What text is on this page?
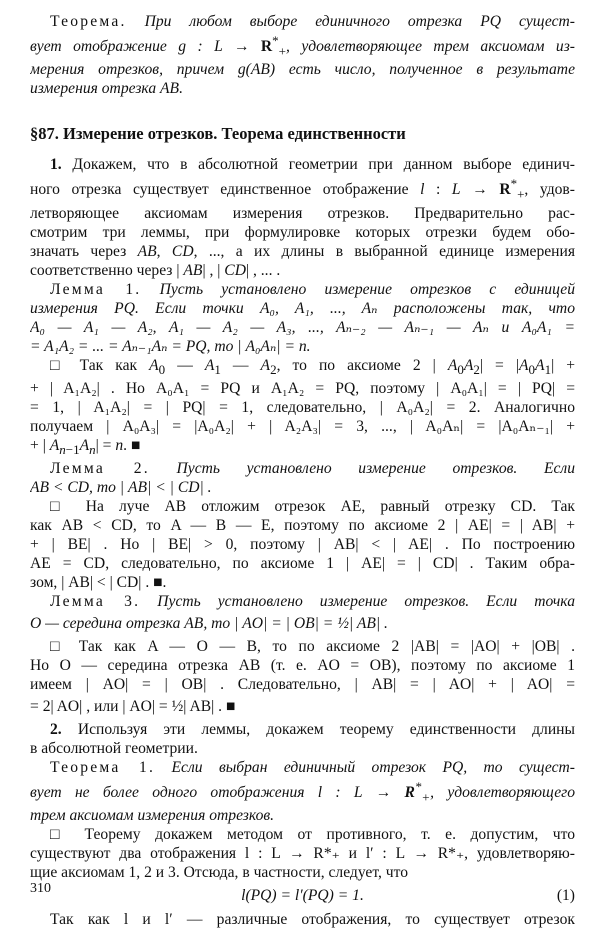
Теорема. При любом выборе единичного отрезка PQ сущест-

вует отображение g : $L \to R^*_+$, удовлетворяющее трем аксиомам из-

мерения отрезков, причем g(AB) есть число, полученное в результате

измерения отрезка AB.

§87. Измерение отрезков. Теорема единственности

1. Докажем, что в абсолютной геометрии при данном выборе единич-

ного отрезка существует единственное отображение l : $L \to R^*_+$, удов-

летворяющее аксиомам измерения отрезков. Предварительно рас-

смотрим три леммы, при формулировке которых отрезки будем обо-

значать через AB, CD, ..., а их длины в выбранной единице измерения

соответственно через | AB| , | CD| , ... .

Лемма 1. Пусть установлено измерение отрезков с единицей

измерения PQ. Если точки A₀, A₁, ..., Aₙ расположены так, что

A₀ — A₁ — A₂, A₁ — A₂ — A₃, ..., Aₙ₋₂ — Aₙ₋₁ — Aₙ и A₀A₁ =

= A₁A₂ = ... = Aₙ₋₁Aₙ = PQ, то | A₀Aₙ| = n.

□ Так как $A_0$ — $A_1$ — $A_2$, то по аксиоме 2 | $A_0A_2| = |A_0A_1|$ +

+ | A₁A₂| . Но A₀A₁ = PQ и A₁A₂ = PQ, поэтому | A₀A₁| = | PQ| =

= 1, | A₁A₂| = | PQ| = 1, следовательно, | A₀A₂| = 2. Аналогично

получаем | A₀A₃| = |A₀A₂| + | A₂A₃| = 3, ..., | A₀Aₙ| = |A₀Aₙ₋₁| +

+ | $A_{n-1}A_n| = n$. ■

Лемма 2. Пусть установлено измерение отрезков. Если

AB < CD, то | AB| < | CD| .

□ На луче AB отложим отрезок AE, равный отрезку CD. Так

как AB < CD, то A — B — E, поэтому по аксиоме 2 | AE| = | AB| +

+ | BE| . Но | BE| > 0, поэтому | AB| < | AE| . По построению

AE = CD, следовательно, по аксиоме 1 | AE| = | CD| . Таким обра-

зом, | AB| < | CD| . ■.

Лемма 3. Пусть установлено измерение отрезков. Если точка

O — середина отрезка AB, то | AO| = | OB| = ½| AB| .

□ Так как A — O — B, то по аксиоме 2 |AB| = |AO| + |OB| .

Но O — середина отрезка AB (т. е. AO = OB), поэтому по аксиоме 1

имеем | AO| = | OB| . Следовательно, | AB| = | AO| + | AO| =

= 2| AO| , или | AO| = ½| AB| . ■

2. Используя эти леммы, докажем теорему единственности длины

в абсолютной геометрии.

Теорема 1. Если выбран единичный отрезок PQ, то сущест-

вует не более одного отображения l : $L \to R^*_+$, удовлетворяющего

трем аксиомам измерения отрезков.

□ Теорему докажем методом от противного, т. е. допустим, что

существуют два отображения l : L → R*₊ и l′ : L → R*₊, удовлетворяю-

щие аксиомам 1, 2 и 3. Отсюда, в частности, следует, что

l(PQ) = l′(PQ) = 1.	(1)

Так как l и l′ — различные отображения, то существует отрезок

310
